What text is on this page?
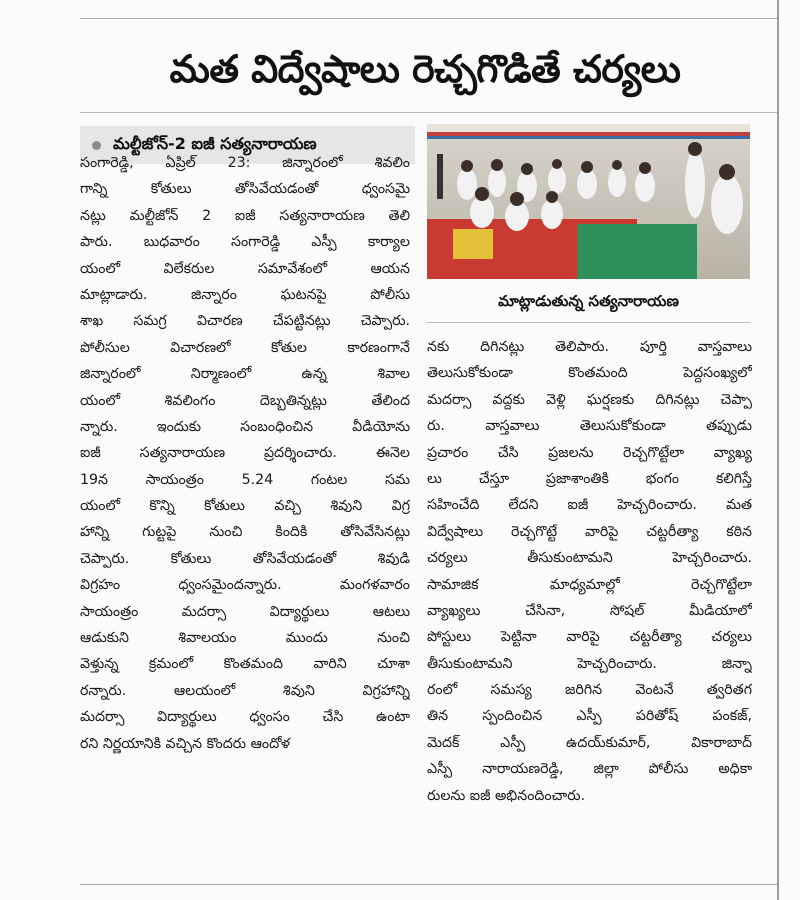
మత విద్వేషాలు రెచ్చగొడితే చర్యలు
మల్టీజోన్-2 ఐజీ సత్యనారాయణ
సంగారెడ్డి, ఏప్రిల్ 23: జిన్నారంలో శివలిం
గాన్ని కోతులు తోసివేయడంతో ధ్వంసమై
నట్లు మల్టీజోన్ 2 ఐజీ సత్యనారాయణ తెలి
పారు. బుధవారం సంగారెడ్డి ఎస్పీ కార్యాల
యంలో విలేకరుల సమావేశంలో ఆయన
మాట్లాడారు. జిన్నారం ఘటనపై పోలీసు
శాఖ సమగ్ర విచారణ చేపట్టినట్లు చెప్పారు.
పోలీసుల విచారణలో కోతుల కారణంగానే
జిన్నారంలో నిర్మాణంలో ఉన్న శివాల
యంలో శివలింగం దెబ్బతిన్నట్లు తేలింద
న్నారు. ఇందుకు సంబంధించిన వీడియోను
ఐజీ సత్యనారాయణ ప్రదర్శించారు. ఈనెల
19న సాయంత్రం 5.24 గంటల సమ
యంలో కొన్ని కోతులు వచ్చి శివుని విగ్ర
హాన్ని గుట్టపై నుంచి కిందికి తోసివేసినట్లు
చెప్పారు. కోతులు తోసివేయడంతో శివుడి
విగ్రహం ధ్వంసమైందన్నారు. మంగళవారం
సాయంత్రం మదర్సా విద్యార్థులు ఆటలు
ఆడుకుని శివాలయం ముందు నుంచి
వెళ్తున్న క్రమంలో కొంతమంది వారిని చూశా
రన్నారు. ఆలయంలో శివుని విగ్రహాన్ని
మదర్సా విద్యార్థులు ధ్వంసం చేసి ఉంటా
రని నిర్ణయానికి వచ్చిన కొందరు ఆందోళ
మాట్లాడుతున్న సత్యనారాయణ
నకు దిగినట్లు తెలిపారు. పూర్తి వాస్తవాలు
తెలుసుకోకుండా కొంతమంది పెద్దసంఖ్యలో
మదర్సా వద్దకు వెళ్లి ఘర్షణకు దిగినట్లు చెప్పా
రు. వాస్తవాలు తెలుసుకోకుండా తప్పుడు
ప్రచారం చేసి ప్రజలను రెచ్చగొట్టేలా వ్యాఖ్య
లు చేస్తూ ప్రజాశాంతికి భంగం కలిగిస్తే
సహించేది లేదని ఐజీ హెచ్చరించారు. మత
విద్వేషాలు రెచ్చగొట్టే వారిపై చట్టరీత్యా కఠిన
చర్యలు తీసుకుంటామని హెచ్చరించారు.
సామాజిక మాధ్యమాల్లో రెచ్చగొట్టేలా
వ్యాఖ్యలు చేసినా, సోషల్ మీడియాలో
పోస్టులు పెట్టినా వారిపై చట్టరీత్యా చర్యలు
తీసుకుంటామని హెచ్చరించారు. జిన్నా
రంలో సమస్య జరిగిన వెంటనే త్వరితగ
తిన స్పందించిన ఎస్పీ పరితోష్ పంకజ్,
మెదక్ ఎస్పీ ఉదయ్‌కుమార్, వికారాబాద్
ఎస్పీ నారాయణరెడ్డి, జిల్లా పోలీసు అధికా
రులను ఐజీ అభినందించారు.
